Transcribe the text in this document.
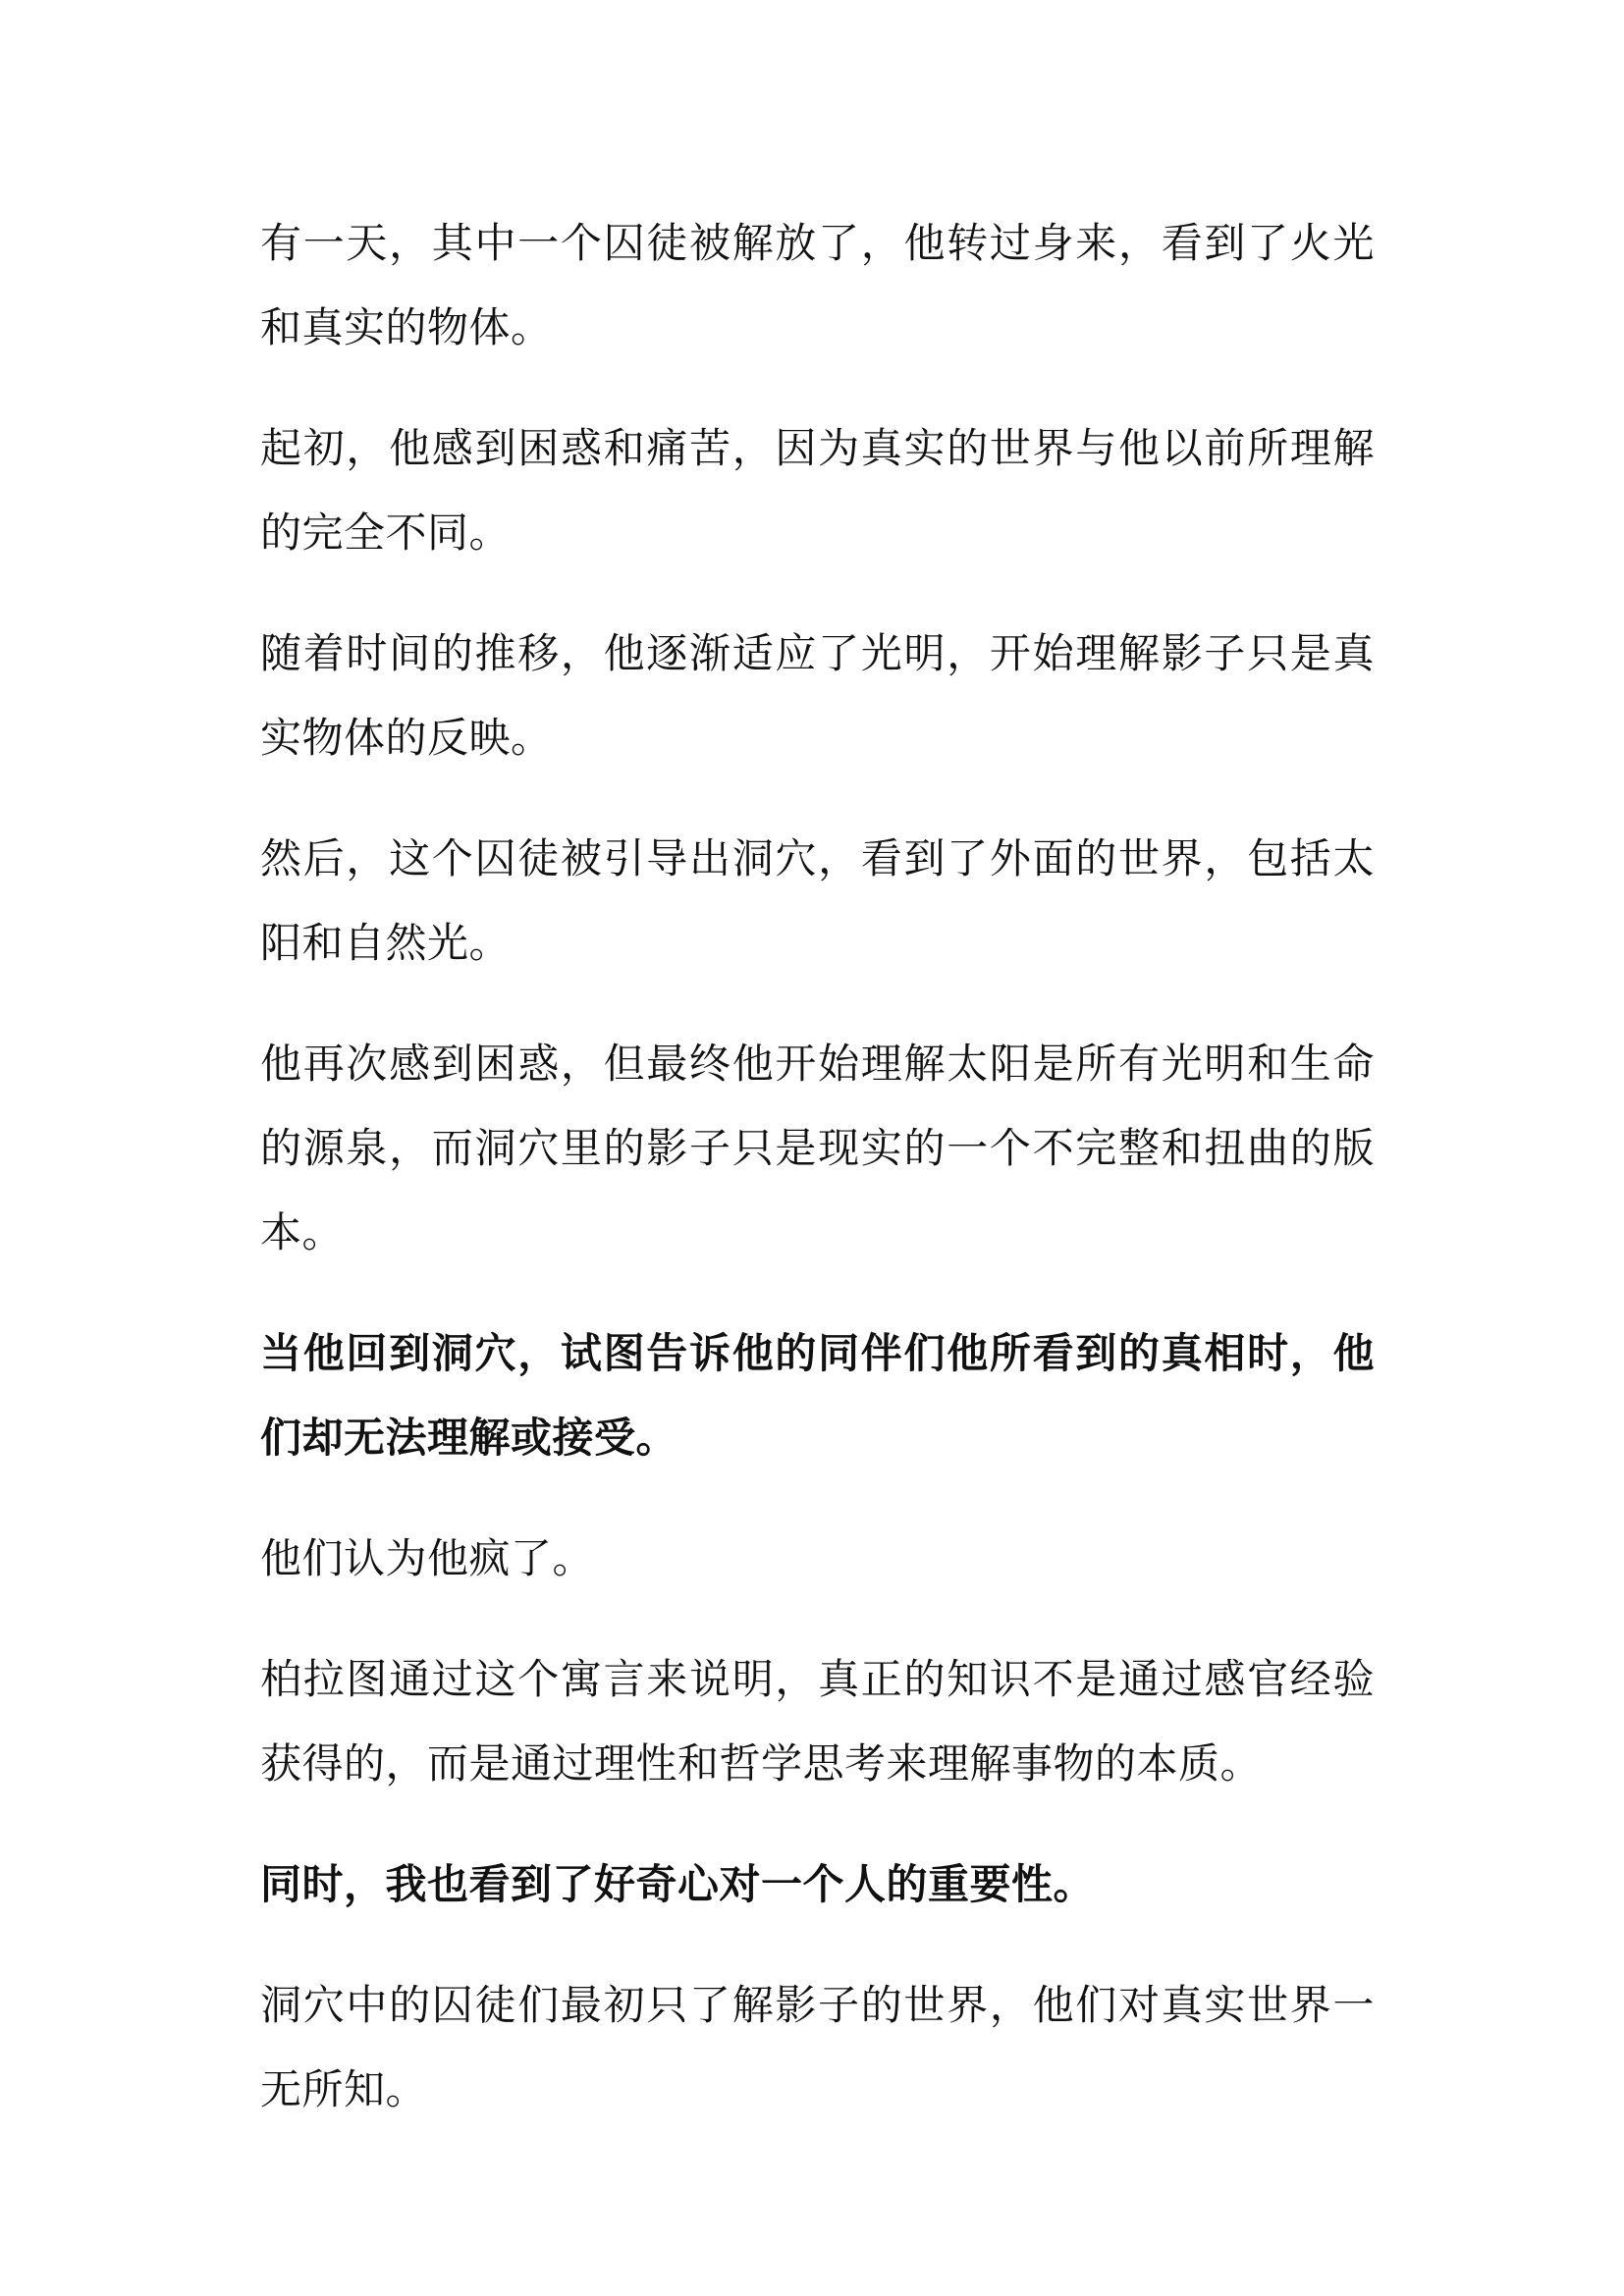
有一天，其中一个囚徒被解放了，他转过身来，看到了火光和真实的物体。

起初，他感到困惑和痛苦，因为真实的世界与他以前所理解的完全不同。

随着时间的推移，他逐渐适应了光明，开始理解影子只是真实物体的反映。

然后，这个囚徒被引导出洞穴，看到了外面的世界，包括太阳和自然光。

他再次感到困惑，但最终他开始理解太阳是所有光明和生命的源泉，而洞穴里的影子只是现实的一个不完整和扭曲的版本。

当他回到洞穴，试图告诉他的同伴们他所看到的真相时，他们却无法理解或接受。

他们认为他疯了。

柏拉图通过这个寓言来说明，真正的知识不是通过感官经验获得的，而是通过理性和哲学思考来理解事物的本质。

同时，我也看到了好奇心对一个人的重要性。

洞穴中的囚徒们最初只了解影子的世界，他们对真实世界一无所知。
